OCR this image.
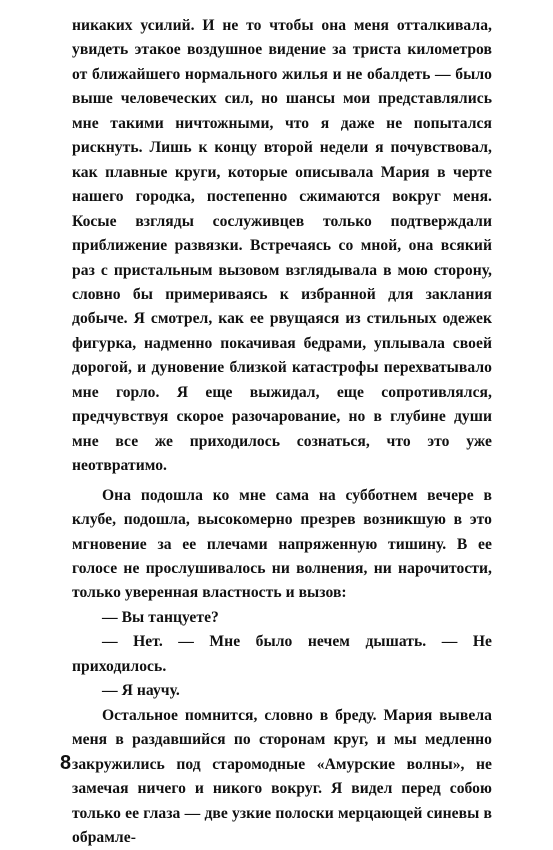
никаких усилий. И не то чтобы она меня отталкивала, увидеть этакое воздушное видение за триста километров от ближайшего нормального жилья и не обалдеть — было выше человеческих сил, но шансы мои представлялись мне такими ничтожными, что я даже не попытался рискнуть. Лишь к концу второй недели я почувствовал, как плавные круги, которые описывала Мария в черте нашего городка, постепенно сжимаются вокруг меня. Косые взгляды сослуживцев только подтверждали приближение развязки. Встречаясь со мной, она всякий раз с пристальным вызовом взглядывала в мою сторону, словно бы примериваясь к избранной для заклания добыче. Я смотрел, как ее рвущаяся из стильных одежек фигурка, надменно покачивая бедрами, уплывала своей дорогой, и дуновение близкой катастрофы перехватывало мне горло. Я еще выжидал, еще сопротивлялся, предчувствуя скорое разочарование, но в глубине души мне все же приходилось сознаться, что это уже неотвратимо.

Она подошла ко мне сама на субботнем вечере в клубе, подошла, высокомерно презрев возникшую в это мгновение за ее плечами напряженную тишину. В ее голосе не прослушивалось ни волнения, ни нарочитости, только уверенная властность и вызов:

— Вы танцуете?

— Нет. — Мне было нечем дышать. — Не приходилось.

— Я научу.

Остальное помнится, словно в бреду. Мария вывела меня в раздавшийся по сторонам круг, и мы медленно закружились под старомодные «Амурские волны», не замечая ничего и никого вокруг. Я видел перед собою только ее глаза — две узкие полоски мерцающей синевы в обрамле-

8
